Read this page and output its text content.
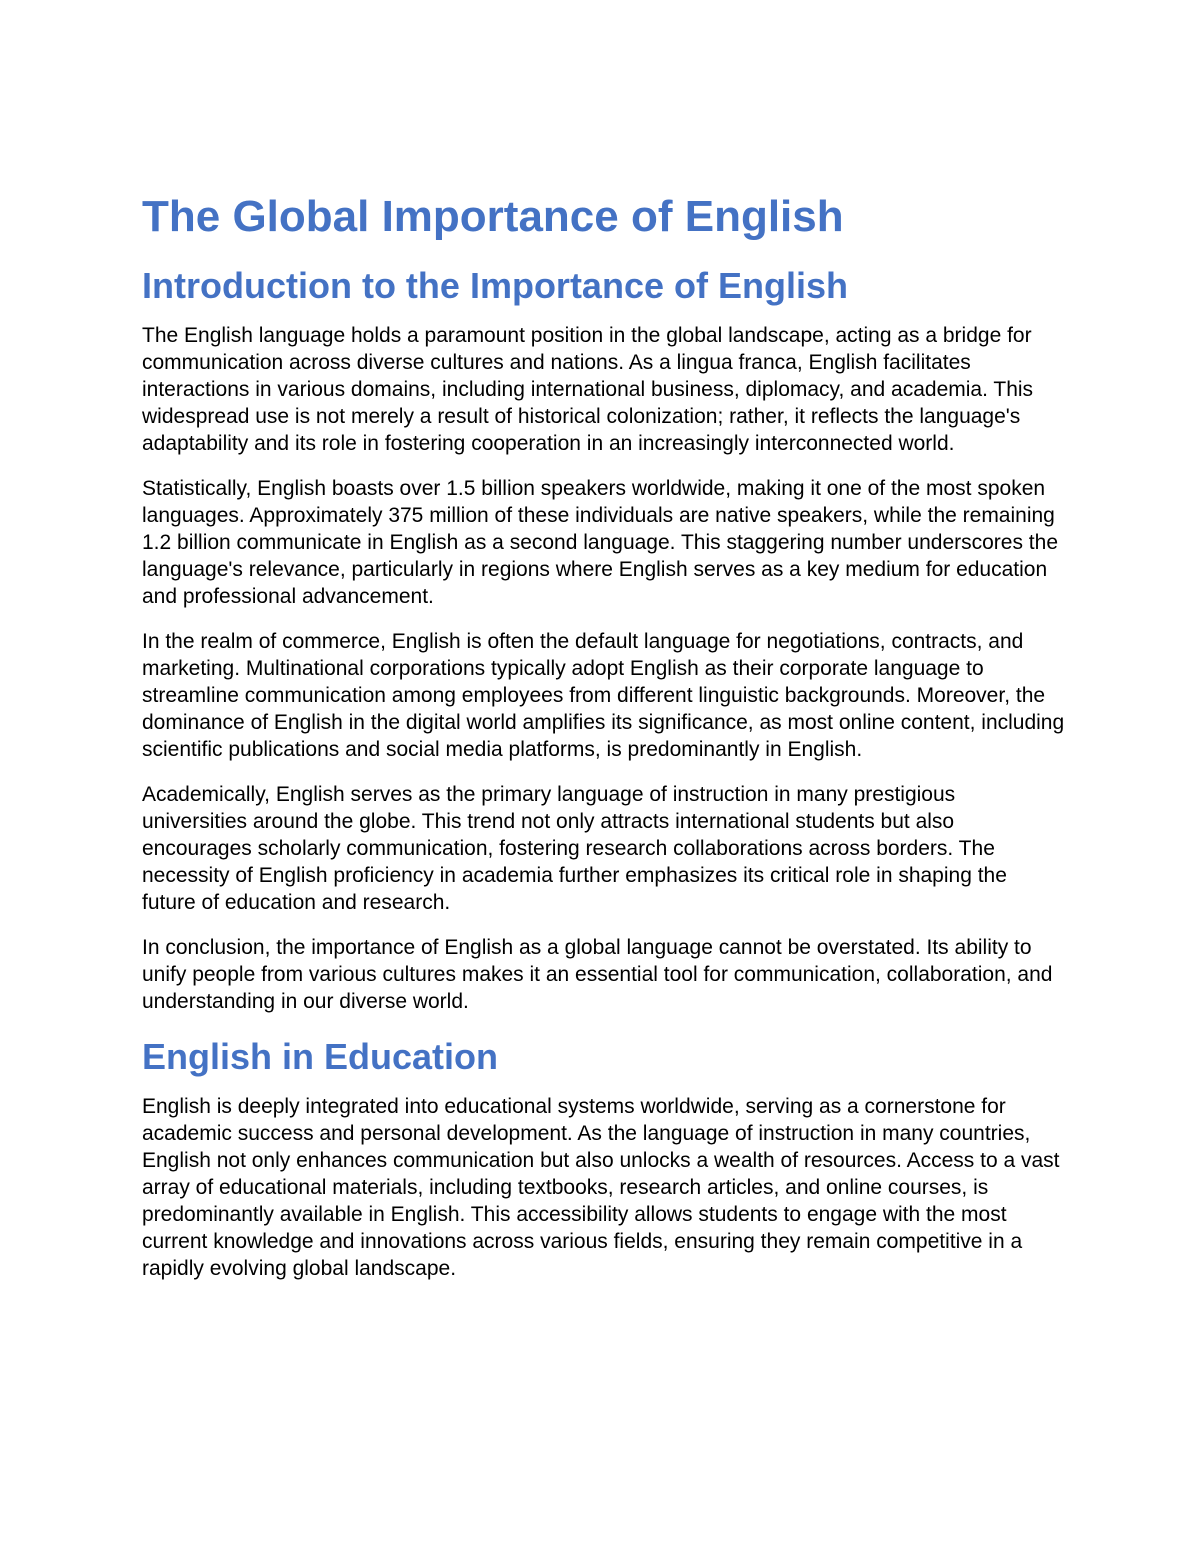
The Global Importance of English
Introduction to the Importance of English

The English language holds a paramount position in the global landscape, acting as a bridge for communication across diverse cultures and nations. As a lingua franca, English facilitates interactions in various domains, including international business, diplomacy, and academia. This widespread use is not merely a result of historical colonization; rather, it reflects the language's adaptability and its role in fostering cooperation in an increasingly interconnected world.

Statistically, English boasts over 1.5 billion speakers worldwide, making it one of the most spoken languages. Approximately 375 million of these individuals are native speakers, while the remaining 1.2 billion communicate in English as a second language. This staggering number underscores the language's relevance, particularly in regions where English serves as a key medium for education and professional advancement.

In the realm of commerce, English is often the default language for negotiations, contracts, and marketing. Multinational corporations typically adopt English as their corporate language to streamline communication among employees from different linguistic backgrounds. Moreover, the dominance of English in the digital world amplifies its significance, as most online content, including scientific publications and social media platforms, is predominantly in English.

Academically, English serves as the primary language of instruction in many prestigious universities around the globe. This trend not only attracts international students but also encourages scholarly communication, fostering research collaborations across borders. The necessity of English proficiency in academia further emphasizes its critical role in shaping the future of education and research.

In conclusion, the importance of English as a global language cannot be overstated. Its ability to unify people from various cultures makes it an essential tool for communication, collaboration, and understanding in our diverse world.

English in Education

English is deeply integrated into educational systems worldwide, serving as a cornerstone for academic success and personal development. As the language of instruction in many countries, English not only enhances communication but also unlocks a wealth of resources. Access to a vast array of educational materials, including textbooks, research articles, and online courses, is predominantly available in English. This accessibility allows students to engage with the most current knowledge and innovations across various fields, ensuring they remain competitive in a rapidly evolving global landscape.
